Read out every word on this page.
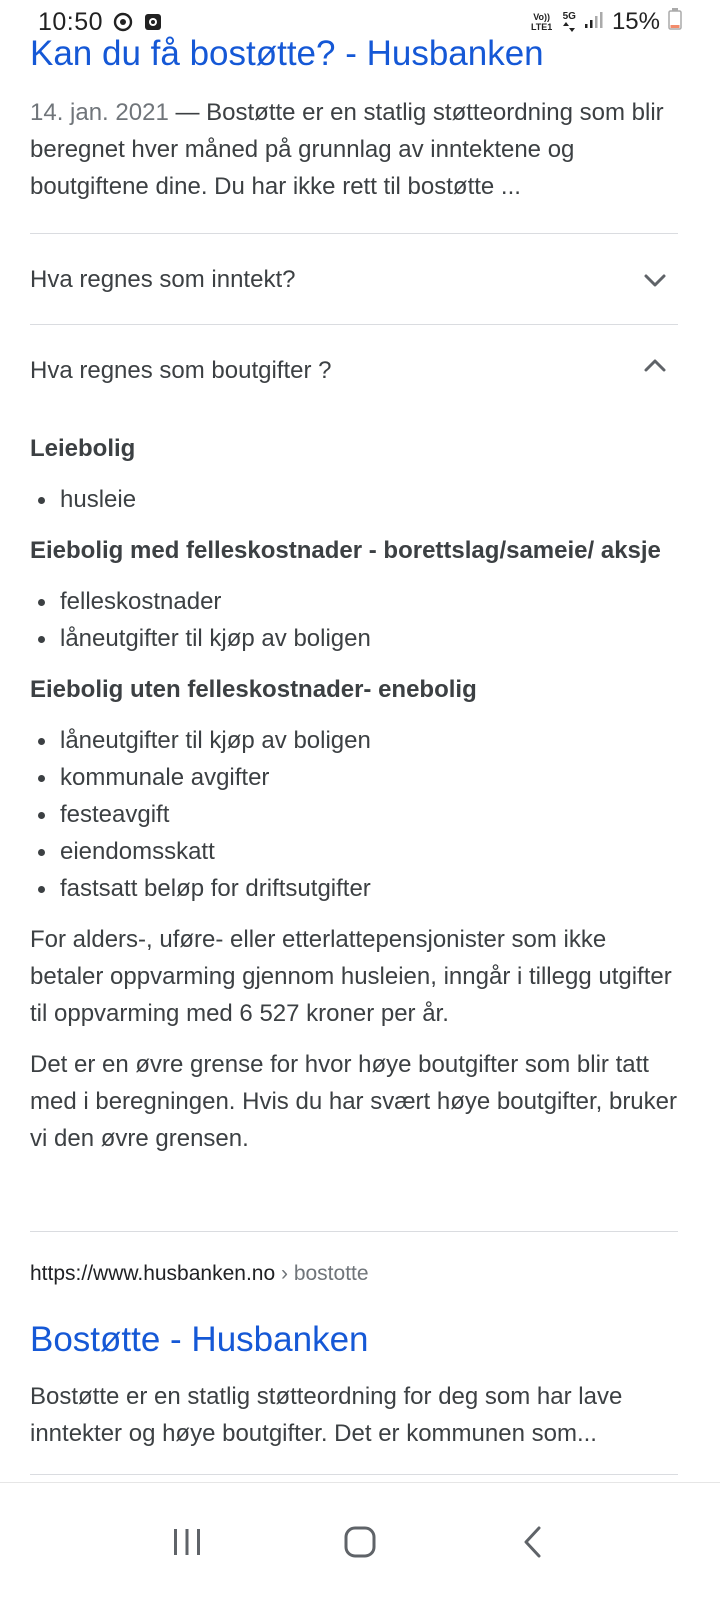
10:50	Vo)) LTE1
5G 15%
Kan du få bostøtte? - Husbanken
14. jan. 2021 — Bostøtte er en statlig støtteordning som blir beregnet hver måned på grunnlag av inntektene og boutgiftene dine. Du har ikke rett til bostøtte ...
Hva regnes som inntekt?
Hva regnes som boutgifter ?
Leiebolig
husleie
Eiebolig med felleskostnader - borettslag/sameie/ aksje
felleskostnader
låneutgifter til kjøp av boligen
Eiebolig uten felleskostnader- enebolig
låneutgifter til kjøp av boligen
kommunale avgifter
festeavgift
eiendomsskatt
fastsatt beløp for driftsutgifter

For alders-, uføre- eller etterlattepensjonister som ikke betaler oppvarming gjennom husleien, inngår i tillegg utgifter til oppvarming med 6 527 kroner per år.

Det er en øvre grense for hvor høye boutgifter som blir tatt med i beregningen. Hvis du har svært høye boutgifter, bruker vi den øvre grensen.

https://www.husbanken.no › bostotte
Bostøtte - Husbanken
Bostøtte er en statlig støtteordning for deg som har lave inntekter og høye boutgifter. Det er kommunen som...
